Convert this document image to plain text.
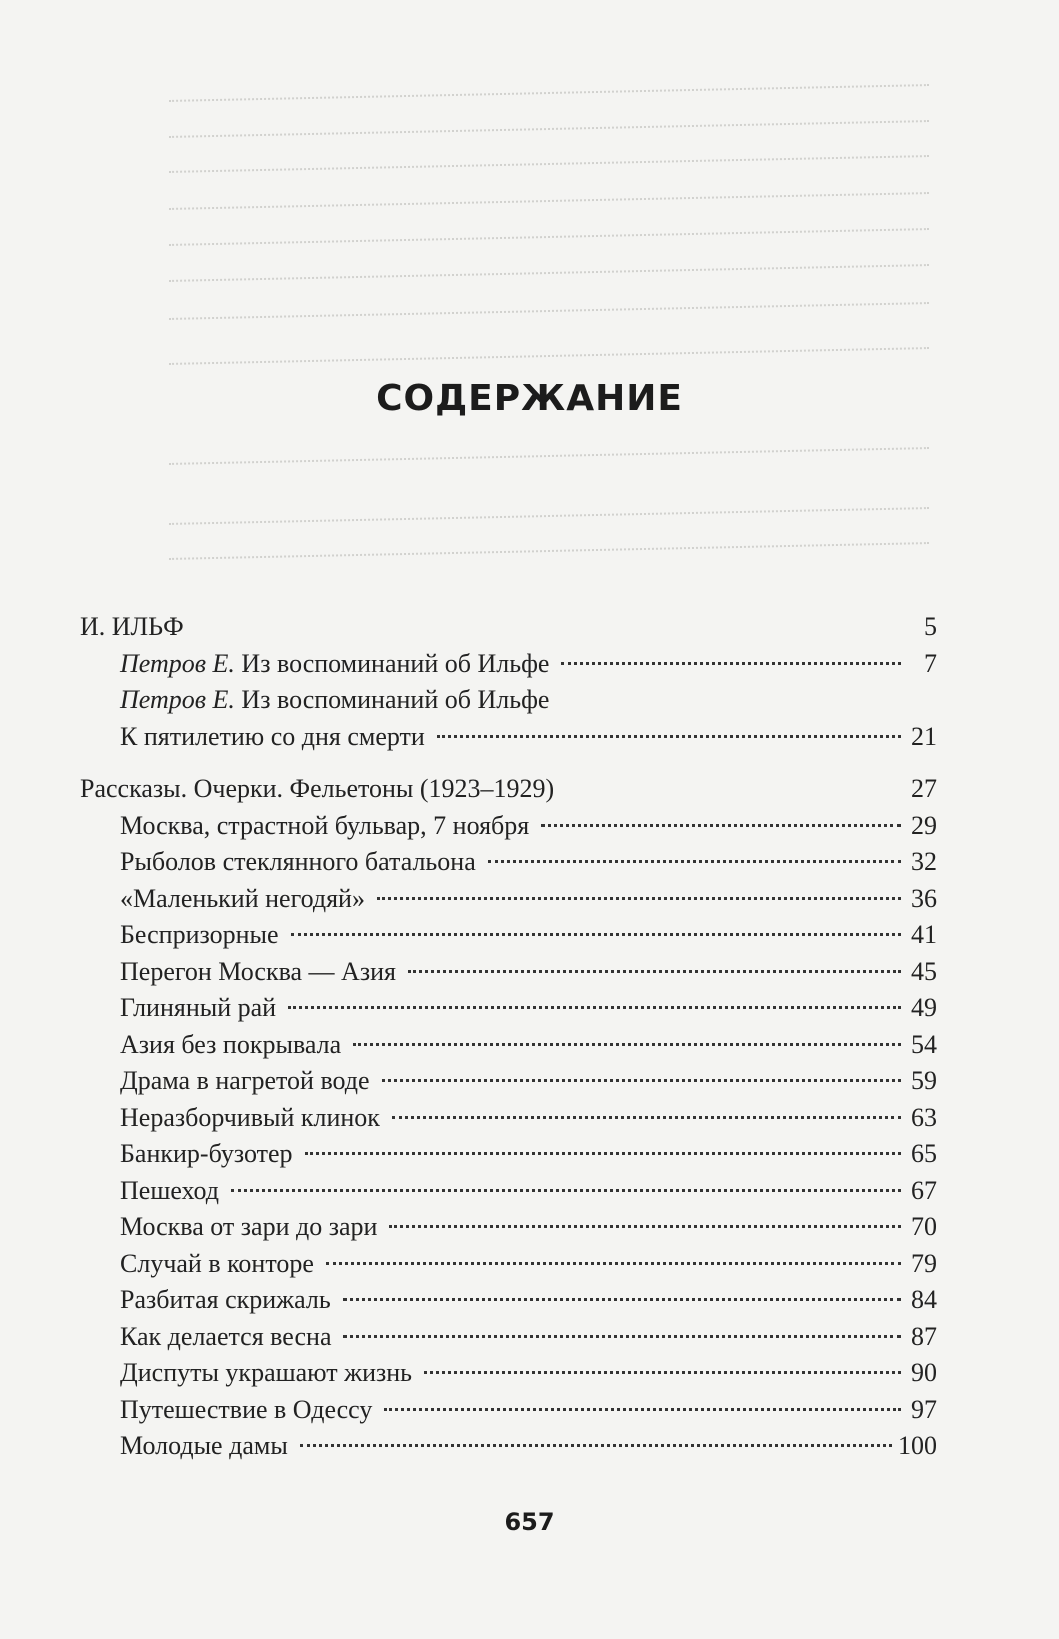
СОДЕРЖАНИЕ
И. ИЛЬФ	5
Петров Е. Из воспоминаний об Ильфе	7
Петров Е. Из воспоминаний об Ильфе
К пятилетию со дня смерти	21
Рассказы. Очерки. Фельетоны (1923–1929)	27
Москва, страстной бульвар, 7 ноября	29
Рыболов стеклянного батальона	32
«Маленький негодяй»	36
Беспризорные	41
Перегон Москва — Азия	45
Глиняный рай	49
Азия без покрывала	54
Драма в нагретой воде	59
Неразборчивый клинок	63
Банкир-бузотер	65
Пешеход	67
Москва от зари до зари	70
Случай в конторе	79
Разбитая скрижаль	84
Как делается весна	87
Диспуты украшают жизнь	90
Путешествие в Одессу	97
Молодые дамы	100

657
